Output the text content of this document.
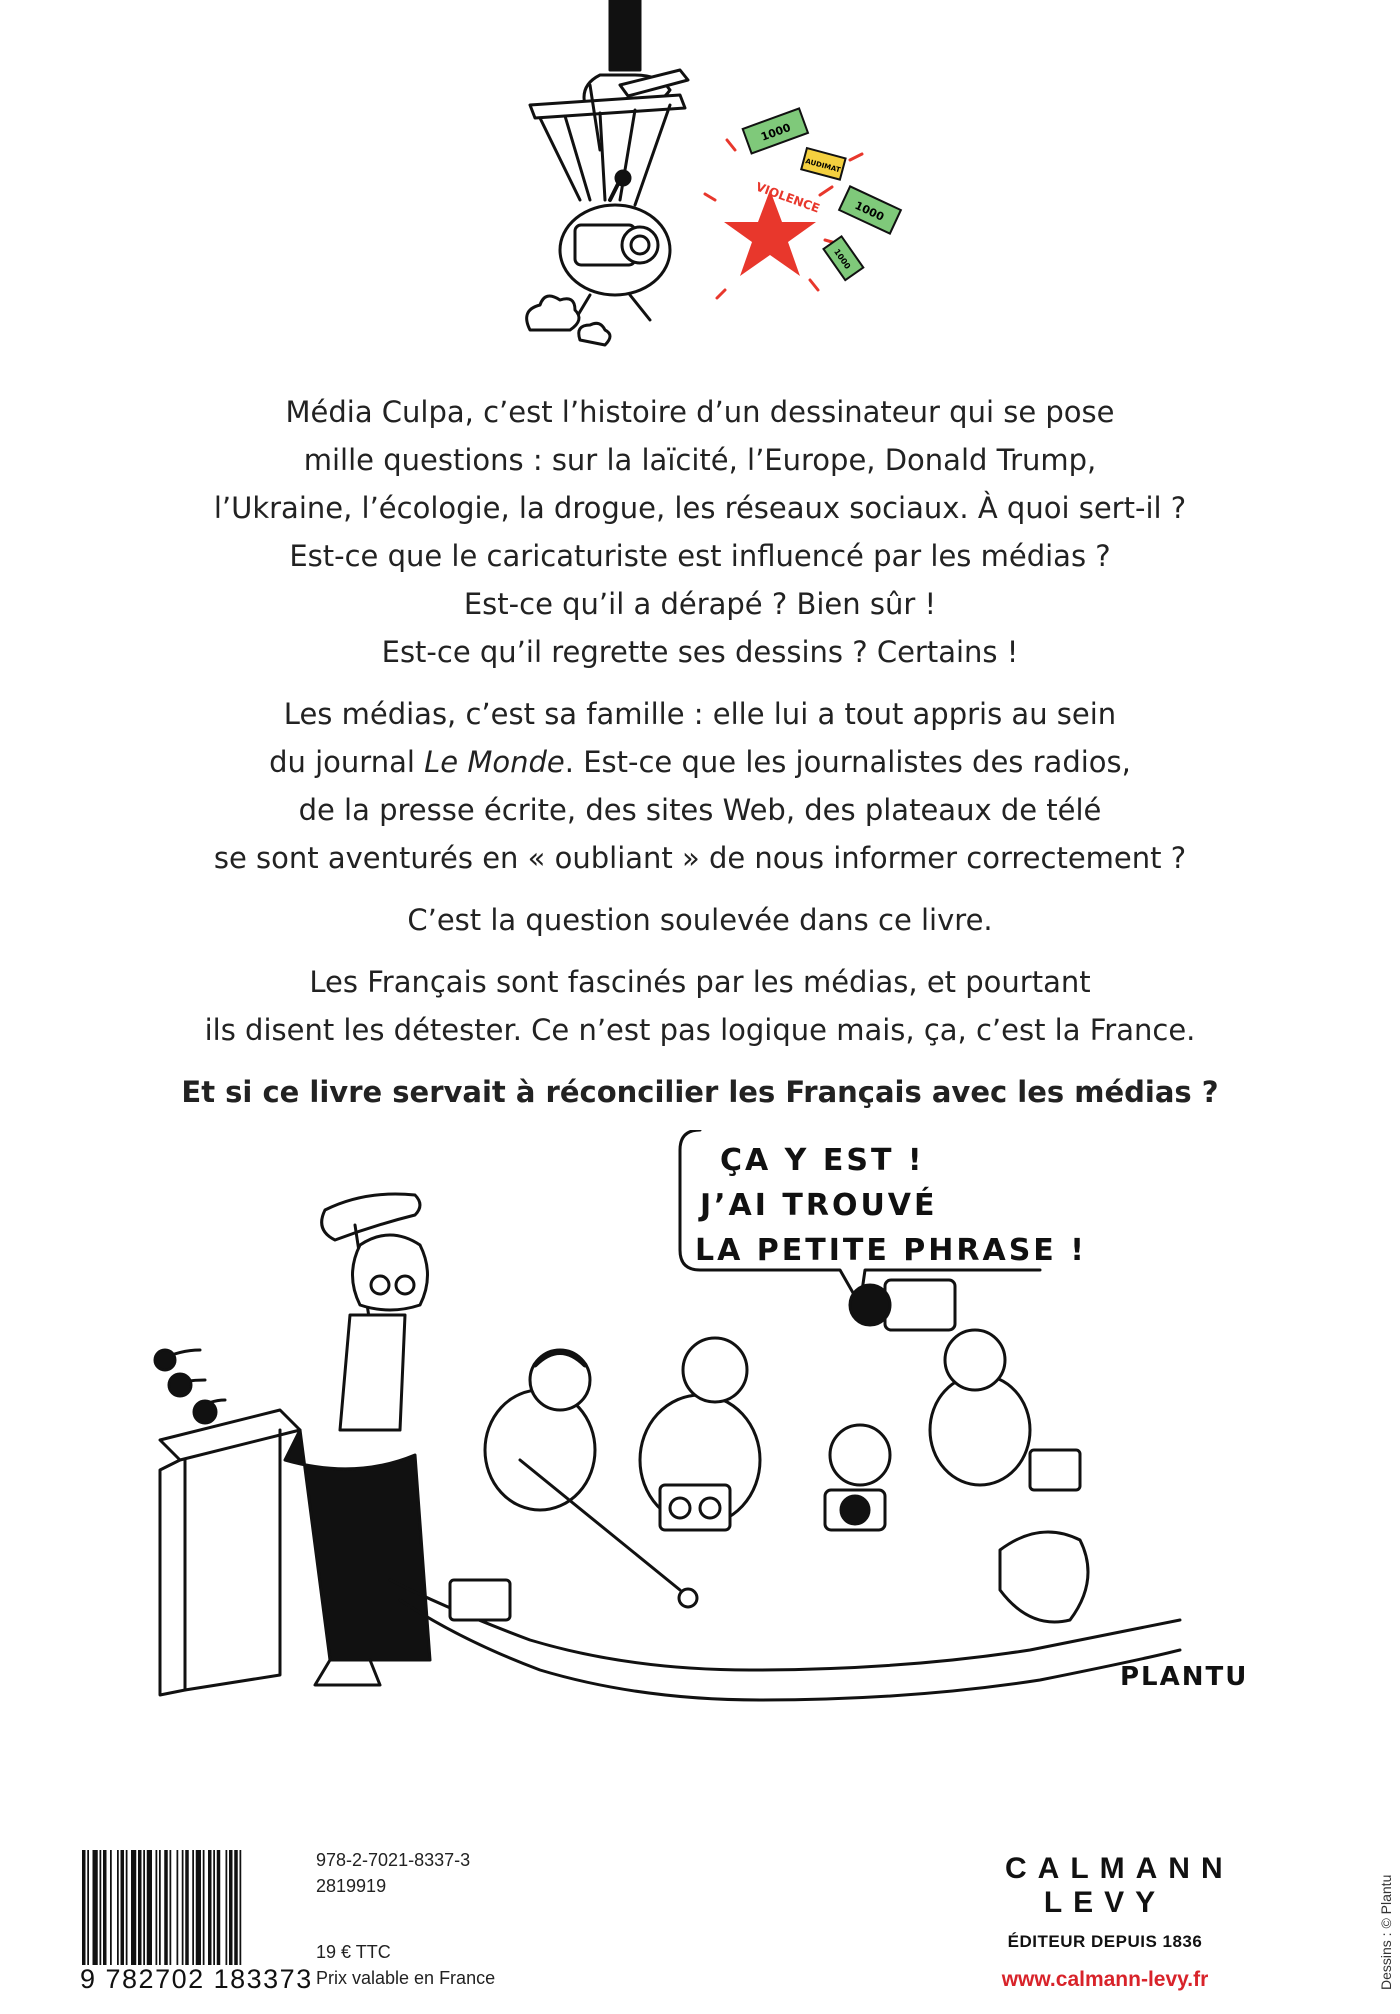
1000
AUDIMAT
VIOLENCE	1000
1000

Média Culpa, c’est l’histoire d’un dessinateur qui se pose
mille questions : sur la laïcité, l’Europe, Donald Trump,
l’Ukraine, l’écologie, la drogue, les réseaux sociaux. À quoi sert-il ?
Est-ce que le caricaturiste est influencé par les médias ?
Est-ce qu’il a dérapé ? Bien sûr !
Est-ce qu’il regrette ses dessins ? Certains !

Les médias, c’est sa famille : elle lui a tout appris au sein
du journal Le Monde. Est-ce que les journalistes des radios,
de la presse écrite, des sites Web, des plateaux de télé
se sont aventurés en « oubliant » de nous informer correctement ?

C’est la question soulevée dans ce livre.

Les Français sont fascinés par les médias, et pourtant
ils disent les détester. Ce n’est pas logique mais, ça, c’est la France.

Et si ce livre servait à réconcilier les Français avec les médias ?

ÇA Y EST !
J’AI TROUVÉ
LA PETITE PHRASE !
PLANTU
9 782702 183373
978-2-7021-8337-3
2819919
19 € TTC
Prix valable en France
CALMANN
LEVY
ÉDITEUR DEPUIS 1836
www.calmann-levy.fr	Dessins : © Plantu
